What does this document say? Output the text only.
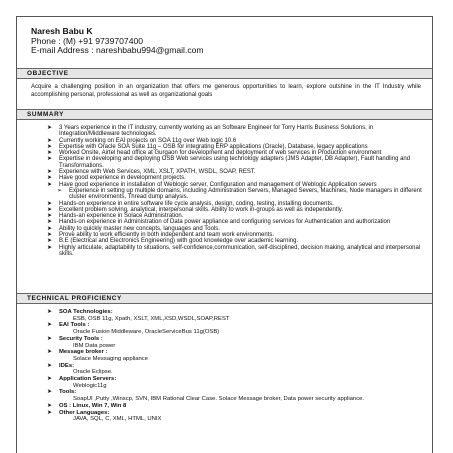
Naresh Babu K
Phone : (M) +91 9739707400
E-mail Address : nareshbabu994@gmail.com
OBJECTIVE
Acquire a challenging position in an organization that offers me generous opportunities to learn, explore outshine in the IT Industry while accomplishing personal, professional as well as organizational goals
SUMMARY
➤ 3 Years experience in the IT industry, currently working as an Software Engineer for Torry Harris Business Solutions, in Integration/Middleware technologies.
➤ Currently working on EAI projects on SOA 11g over Web logic 10.6
➤ Expertise with Oracle SOA Suite 11g – OSB for integrating ERP applications (Oracle), Database, legacy applications
➤ Worked Onsite, Airtel head office at Gurgaon for development and deployment of web services in Production environment
➤ Expertise in developing and deploying OSB Web services using technology adapters (JMS Adapter, DB Adapter), Fault handling and Transformations.
➤ Experience with Web Services, XML, XSLT, XPATH, WSDL, SOAP, REST.
➤ Have good experience in development projects.
➤ Have good experience in installation of Weblogic server, Configuration and management of Weblogic Application severs
➢ Experience in setting up multiple domains, including Administration Servers, Managed Severs, Machines, Node managers in different cluster environments, Thread dump analysis.
➤ Hands-on experience in entire software life cycle analysis, design, coding, testing, installing documents.
➤ Excellent problem solving, analytical, interpersonal skills. Ability to work in-groups as well as independently.
➤ Hands-an experience in Solace Administration.
➤ Hands-on experience in Administration of Data power appliance and configuring services for Authentication and authorization
➤ Ability to quickly master new concepts, languages and Tools.
➤ Prove ability to work efficiently in both independent and team work environments.
➤ B.E (Electrical and Electronics Engineering) with good knowledge over academic learning.
➤ Highly articulate, adaptability to situations, self-confidence,communication, self-disciplined, decision making, analytical and interpersonal skills.
TECHNICAL PROFICIENCY
➤ SOA Technologies:
ESB, OSB 11g, Xpath, XSLT, XML,XSD,WSDL,SOAP,REST
➤ EAI Tools :
Oracle Fusion Middleware, OracleServiceBus 11g(OSB)
➤ Security Tools :
IBM Data power
➤ Message broker :
Solace Messaging appliance
➤ IDEs:
Oracle Eclipse.
➤ Application Servers:
Weblogic11g
➤ Tools:
SoapUI ,Putty ,Winscp, SVN, IBM Rational Clear Case. Solace Message broker, Data power security appliance.
➤ OS : Linux, Win 7, Win 8
➤ Other Languages:
JAVA, SQL, C, XML, HTML, UNIX
